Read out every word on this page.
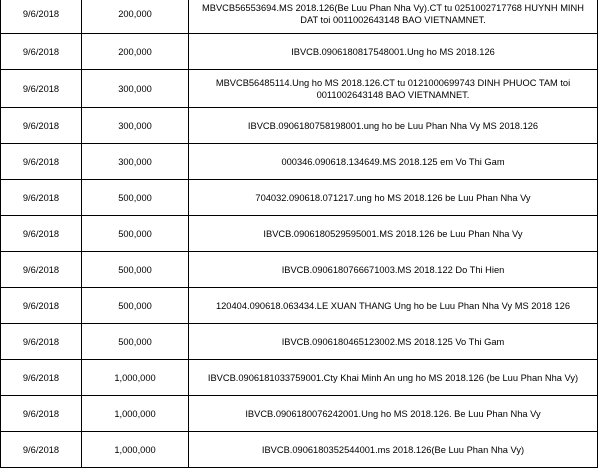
9/6/2018	200,000	MBVCB56553694.MS 2018.126(Be Luu Phan Nha Vy).CT tu 0251002717768 HUYNH MINH DAT toi 0011002643148 BAO VIETNAMNET.

9/6/2018	200,000	IBVCB.0906180817548001.Ung ho MS 2018.126

9/6/2018	300,000	MBVCB56485114.Ung ho MS 2018.126.CT tu 0121000699743 DINH PHUOC TAM toi 0011002643148 BAO VIETNAMNET.

9/6/2018	300,000	IBVCB.0906180758198001.ung ho be Luu Phan Nha Vy MS 2018.126

9/6/2018	300,000	000346.090618.134649.MS 2018.125 em Vo Thi Gam

9/6/2018	500,000	704032.090618.071217.ung ho MS 2018.126 be Luu Phan Nha Vy

9/6/2018	500,000	IBVCB.0906180529595001.MS 2018.126 be Luu Phan Nha Vy

9/6/2018	500,000	IBVCB.0906180766671003.MS 2018.122 Do Thi Hien

9/6/2018	500,000	120404.090618.063434.LE XUAN THANG Ung ho be Luu Phan Nha Vy MS 2018 126

9/6/2018	500,000	IBVCB.0906180465123002.MS 2018.125 Vo Thi Gam

9/6/2018	1,000,000	IBVCB.0906181033759001.Cty Khai Minh An ung ho MS 2018.126 (be Luu Phan Nha Vy)

9/6/2018	1,000,000	IBVCB.0906180076242001.Ung ho MS 2018.126. Be Luu Phan Nha Vy

9/6/2018	1,000,000	IBVCB.0906180352544001.ms 2018.126(Be Luu Phan Nha Vy)
